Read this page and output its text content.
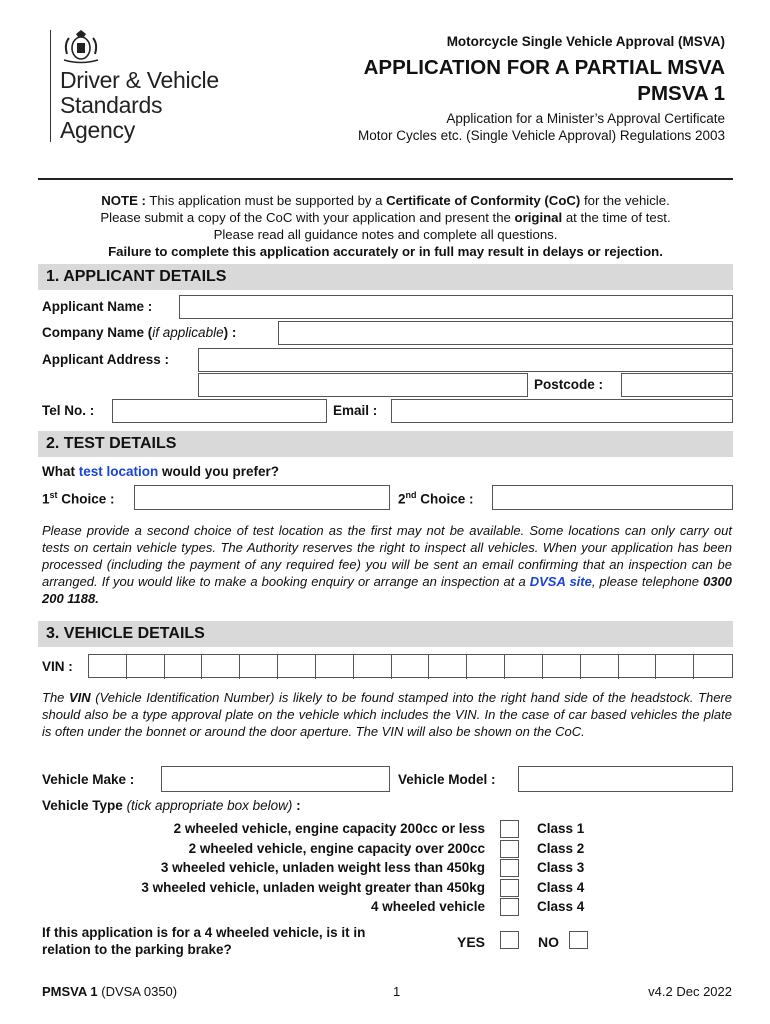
Driver & Vehicle
Standards
Agency
Motorcycle Single Vehicle Approval (MSVA)
APPLICATION FOR A PARTIAL MSVA
PMSVA 1
Application for a Minister’s Approval Certificate
Motor Cycles etc. (Single Vehicle Approval) Regulations 2003
NOTE : This application must be supported by a Certificate of Conformity (CoC) for the vehicle.
Please submit a copy of the CoC with your application and present the original at the time of test.
Please read all guidance notes and complete all questions.
Failure to complete this application accurately or in full may result in delays or rejection.
1. APPLICANT DETAILS
Applicant Name :
Company Name (if applicable) :
Applicant Address :
Postcode :
Tel No. :	Email :
2. TEST DETAILS
What test location would you prefer?
1st Choice :	2nd Choice :
Please provide a second choice of test location as the first may not be available. Some locations can only carry out tests on certain vehicle types. The Authority reserves the right to inspect all vehicles. When your application has been processed (including the payment of any required fee) you will be sent an email confirming that an inspection can be arranged. If you would like to make a booking enquiry or arrange an inspection at a DVSA site, please telephone 0300 200 1188.
3. VEHICLE DETAILS
VIN :
The VIN (Vehicle Identification Number) is likely to be found stamped into the right hand side of the headstock. There should also be a type approval plate on the vehicle which includes the VIN. In the case of car based vehicles the plate is often under the bonnet or around the door aperture. The VIN will also be shown on the CoC.
Vehicle Make :	Vehicle Model :
Vehicle Type (tick appropriate box below) :
2 wheeled vehicle, engine capacity 200cc or less	Class 1
2 wheeled vehicle, engine capacity over 200cc	Class 2
3 wheeled vehicle, unladen weight less than 450kg	Class 3
3 wheeled vehicle, unladen weight greater than 450kg	Class 4
4 wheeled vehicle	Class 4
If this application is for a 4 wheeled vehicle, is it in
relation to the parking brake?	YES	NO
PMSVA 1 (DVSA 0350)	1	v4.2 Dec 2022
